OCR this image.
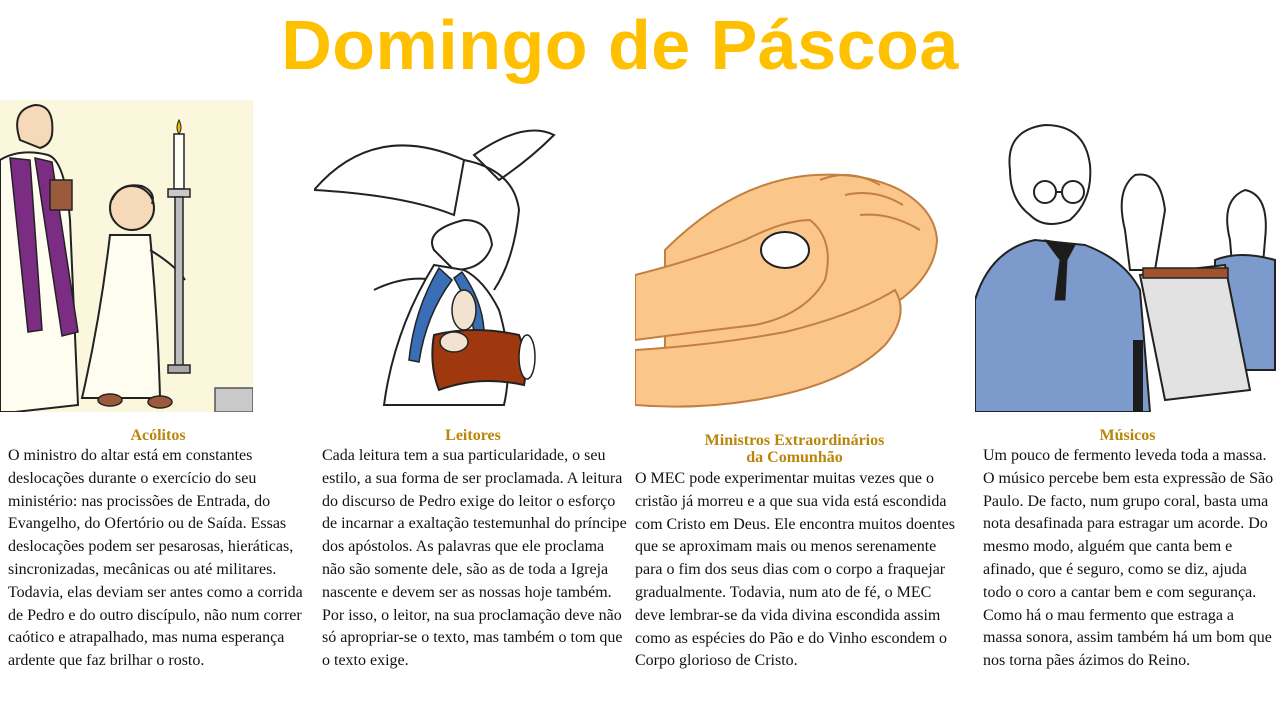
Domingo de Páscoa
Acólitos
O ministro do altar está em constantes deslocações durante o exercício do seu ministério: nas procissões de Entrada, do Evangelho, do Ofertório ou de Saída. Essas deslocações podem ser pesarosas, hieráticas, sincronizadas, mecânicas ou até militares. Todavia, elas deviam ser antes como a corrida de Pedro e do outro discípulo, não num correr caótico e atrapalhado, mas numa esperança ardente que faz brilhar o rosto.
Leitores
Cada leitura tem a sua particularidade, o seu estilo, a sua forma de ser proclamada. A leitura do discurso de Pedro exige do leitor o esforço de incarnar a exaltação testemunhal do príncipe dos apóstolos. As palavras que ele proclama não são somente dele, são as de toda a Igreja nascente e devem ser as nossas hoje também. Por isso, o leitor, na sua proclamação deve não só apropriar-se o texto, mas também o tom que o texto exige.
Ministros Extraordinários
da Comunhão
O MEC pode experimentar muitas vezes que o cristão já morreu e a que sua vida está escondida com Cristo em Deus. Ele encontra muitos doentes que se aproximam mais ou menos serenamente para o fim dos seus dias com o corpo a fraquejar gradualmente. Todavia, num ato de fé, o MEC deve lembrar-se da vida divina escondida assim como as espécies do Pão e do Vinho escondem o Corpo glorioso de Cristo.
Músicos
Um pouco de fermento leveda toda a massa. O músico percebe bem esta expressão de São Paulo. De facto, num grupo coral, basta uma nota desafinada para estragar um acorde. Do mesmo modo, alguém que canta bem e afinado, que é seguro, como se diz, ajuda todo o coro a cantar bem e com segurança. Como há o mau fermento que estraga a massa sonora, assim também há um bom que nos torna pães ázimos do Reino.
